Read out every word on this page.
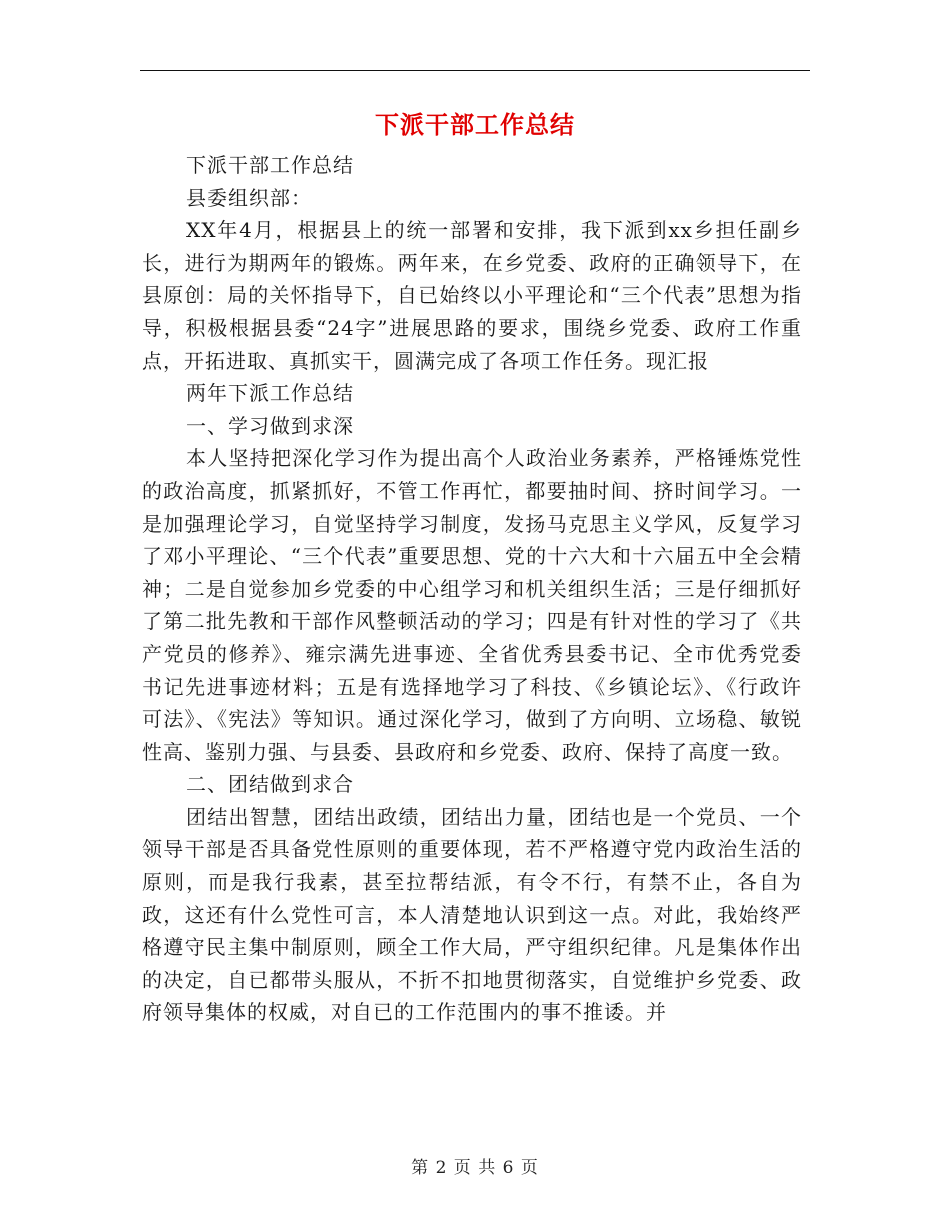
下派干部工作总结

下派干部工作总结

县委组织部：

XX年4月，根据县上的统一部署和安排，我下派到xx乡担任副乡长，进行为期两年的锻炼。两年来，在乡党委、政府的正确领导下，在县原创：局的关怀指导下，自已始终以小平理论和“三个代表”思想为指导，积极根据县委“24字”进展思路的要求，围绕乡党委、政府工作重点，开拓进取、真抓实干，圆满完成了各项工作任务。现汇报

两年下派工作总结

一、学习做到求深

本人坚持把深化学习作为提出高个人政治业务素养，严格锤炼党性的政治高度，抓紧抓好，不管工作再忙，都要抽时间、挤时间学习。一是加强理论学习，自觉坚持学习制度，发扬马克思主义学风，反复学习了邓小平理论、“三个代表”重要思想、党的十六大和十六届五中全会精神；二是自觉参加乡党委的中心组学习和机关组织生活；三是仔细抓好了第二批先教和干部作风整顿活动的学习；四是有针对性的学习了《共产党员的修养》、雍宗满先进事迹、全省优秀县委书记、全市优秀党委书记先进事迹材料；五是有选择地学习了科技、《乡镇论坛》、《行政许可法》、《宪法》等知识。通过深化学习，做到了方向明、立场稳、敏锐性高、鉴别力强、与县委、县政府和乡党委、政府、保持了高度一致。

二、团结做到求合

团结出智慧，团结出政绩，团结出力量，团结也是一个党员、一个领导干部是否具备党性原则的重要体现，若不严格遵守党内政治生活的原则，而是我行我素，甚至拉帮结派，有令不行，有禁不止，各自为政，这还有什么党性可言，本人清楚地认识到这一点。对此，我始终严格遵守民主集中制原则，顾全工作大局，严守组织纪律。凡是集体作出的决定，自已都带头服从，不折不扣地贯彻落实，自觉维护乡党委、政府领导集体的权威，对自已的工作范围内的事不推诿。并

第 2 页 共 6 页
